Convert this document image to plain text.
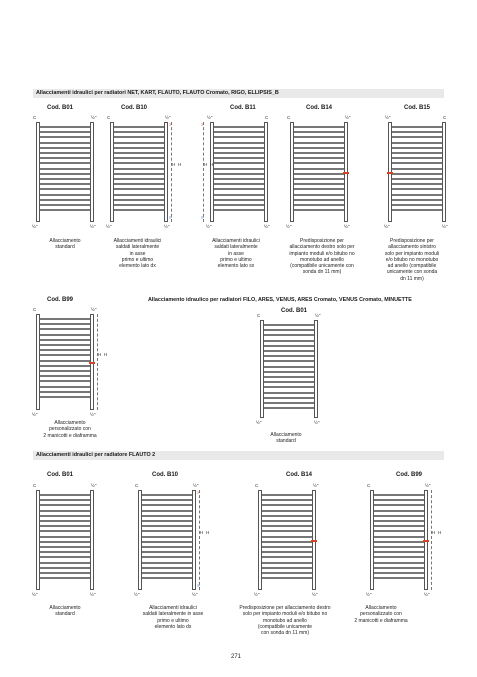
Allacciamenti idraulici per radiatori NET, KART, FLAUTO, FLAUTO Cromato, RIGO, ELLIPSIS_B
Cod. B01	Cod. B10	Cod. B11	Cod. B14	Cod. B15
Allacciamento
standard
Allacciamenti idraulici
saldati lateralmente
in asse
primo e ultimo
elemento lato dx
Allacciamenti idraulici
saldati lateralmente
in asse
primo e ultimo
elemento lato sx
Predisposizione per
allacciamento destro solo per
impianto moduli e/o bitubo no
monotubo ad anello
(compatibile unicamente con
sonda dn 11 mm)
Predisposizione per
allacciamento sinistro
solo per impianto moduli
e/o bitubo no monotubo
ad anello (compatibile
unicamente con sonda
dn 11 mm)
Cod. B99
Allacciamento
personalizzato con
2 manicotti e diaframma
Allacciamento idraulico per radiatori FILO, ARES, VENUS, ARES Cromato, VENUS Cromato, MINUETTE
Cod. B01
Allacciamento
standard
Allacciamenti idraulici per radiatore FLAUTO 2
Cod. B01	Cod. B10	Cod. B14	Cod. B99
Allacciamento
standard
Allacciamenti idraulici
saldati lateralmente in asse
primo e ultimo
elemento lato dx
Predisposizione per allacciamento destro
solo per impianto moduli e/o bitubo no
monotubo ad anello
(compatibile unicamente
con sonda dn 11 mm)
Allacciamento
personalizzato con
2 manicotti e diaframma
271
C	½"
½"	½"
C	½"
½"	½"
»
»
H H
½"	C
½"	½"
»
»
H H
C	½"
½"	½"
½"	C
½"	½"
C	½"
½"	½"
H H
C	½"
½"	½"
C	½"
½"	½"
C	½"
½"	½"
»
»
H H
C	½"
½"	½"
C	½"
½"	½"
H H
